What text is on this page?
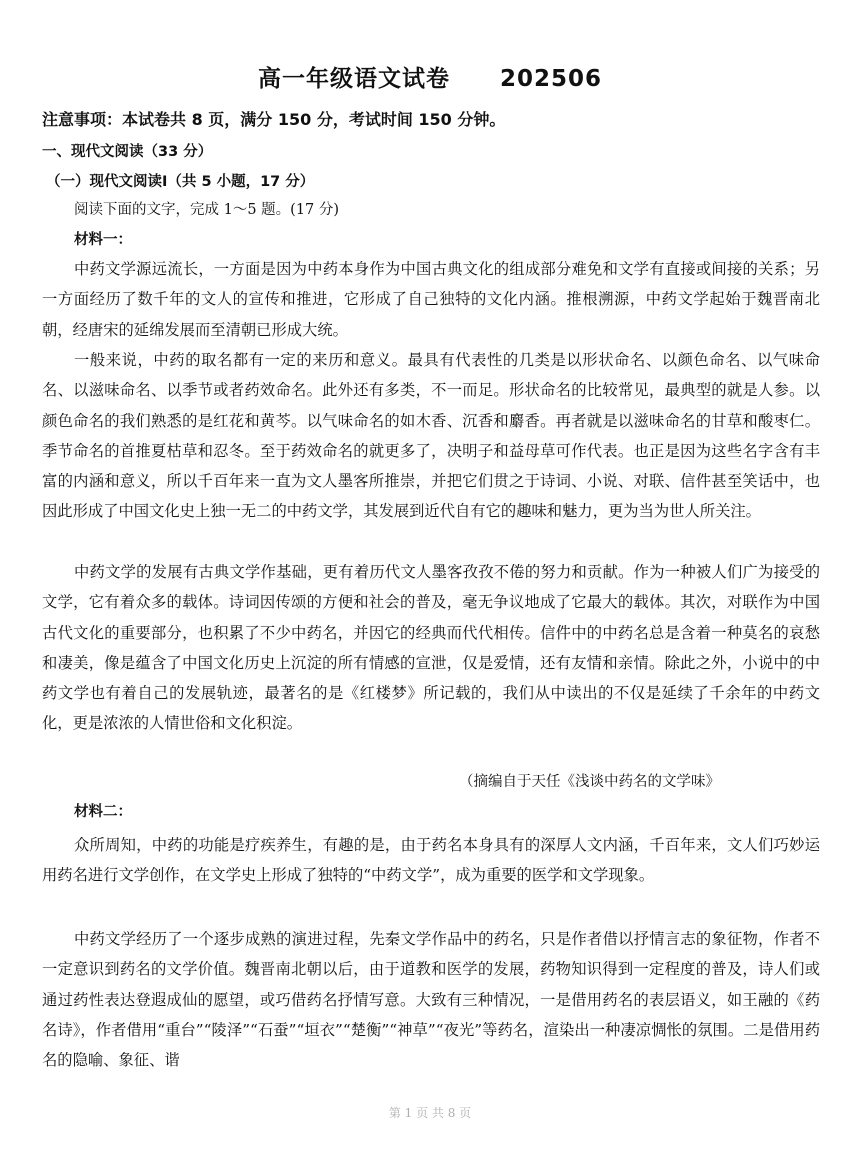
高一年级语文试卷 202506
注意事项：本试卷共 8 页，满分 150 分，考试时间 150 分钟。
一、现代文阅读（33 分）
（一）现代文阅读Ⅰ（共 5 小题，17 分）
阅读下面的文字，完成 1～5 题。(17 分)
材料一：
中药文学源远流长，一方面是因为中药本身作为中国古典文化的组成部分难免和文学有直接或间接的关系；另一方面经历了数千年的文人的宣传和推进，它形成了自己独特的文化内涵。推根溯源，中药文学起始于魏晋南北朝，经唐宋的延绵发展而至清朝已形成大统。
一般来说，中药的取名都有一定的来历和意义。最具有代表性的几类是以形状命名、以颜色命名、以气味命名、以滋味命名、以季节或者药效命名。此外还有多类，不一而足。形状命名的比较常见，最典型的就是人参。以颜色命名的我们熟悉的是红花和黄芩。以气味命名的如木香、沉香和麝香。再者就是以滋味命名的甘草和酸枣仁。季节命名的首推夏枯草和忍冬。至于药效命名的就更多了，决明子和益母草可作代表。也正是因为这些名字含有丰富的内涵和意义，所以千百年来一直为文人墨客所推崇，并把它们贯之于诗词、小说、对联、信件甚至笑话中，也因此形成了中国文化史上独一无二的中药文学，其发展到近代自有它的趣味和魅力，更为当为世人所关注。
中药文学的发展有古典文学作基础，更有着历代文人墨客孜孜不倦的努力和贡献。作为一种被人们广为接受的文学，它有着众多的载体。诗词因传颂的方便和社会的普及，毫无争议地成了它最大的载体。其次，对联作为中国古代文化的重要部分，也积累了不少中药名，并因它的经典而代代相传。信件中的中药名总是含着一种莫名的哀愁和凄美，像是蕴含了中国文化历史上沉淀的所有情感的宣泄，仅是爱情，还有友情和亲情。除此之外，小说中的中药文学也有着自己的发展轨迹，最著名的是《红楼梦》所记载的，我们从中读出的不仅是延续了千余年的中药文化，更是浓浓的人情世俗和文化积淀。
（摘编自于天任《浅谈中药名的文学味》
材料二：
众所周知，中药的功能是疗疾养生，有趣的是，由于药名本身具有的深厚人文内涵，千百年来，文人们巧妙运用药名进行文学创作，在文学史上形成了独特的“中药文学”，成为重要的医学和文学现象。
中药文学经历了一个逐步成熟的演进过程，先秦文学作品中的药名，只是作者借以抒情言志的象征物，作者不一定意识到药名的文学价值。魏晋南北朝以后，由于道教和医学的发展，药物知识得到一定程度的普及，诗人们或通过药性表达登遐成仙的愿望，或巧借药名抒情写意。大致有三种情况，一是借用药名的表层语义，如王融的《药名诗》，作者借用“重台”“陵泽”“石蚕”“垣衣”“楚衡”“神草”“夜光”等药名，渲染出一种凄凉惆怅的氛围。二是借用药名的隐喻、象征、谐
第 1 页 共 8 页
